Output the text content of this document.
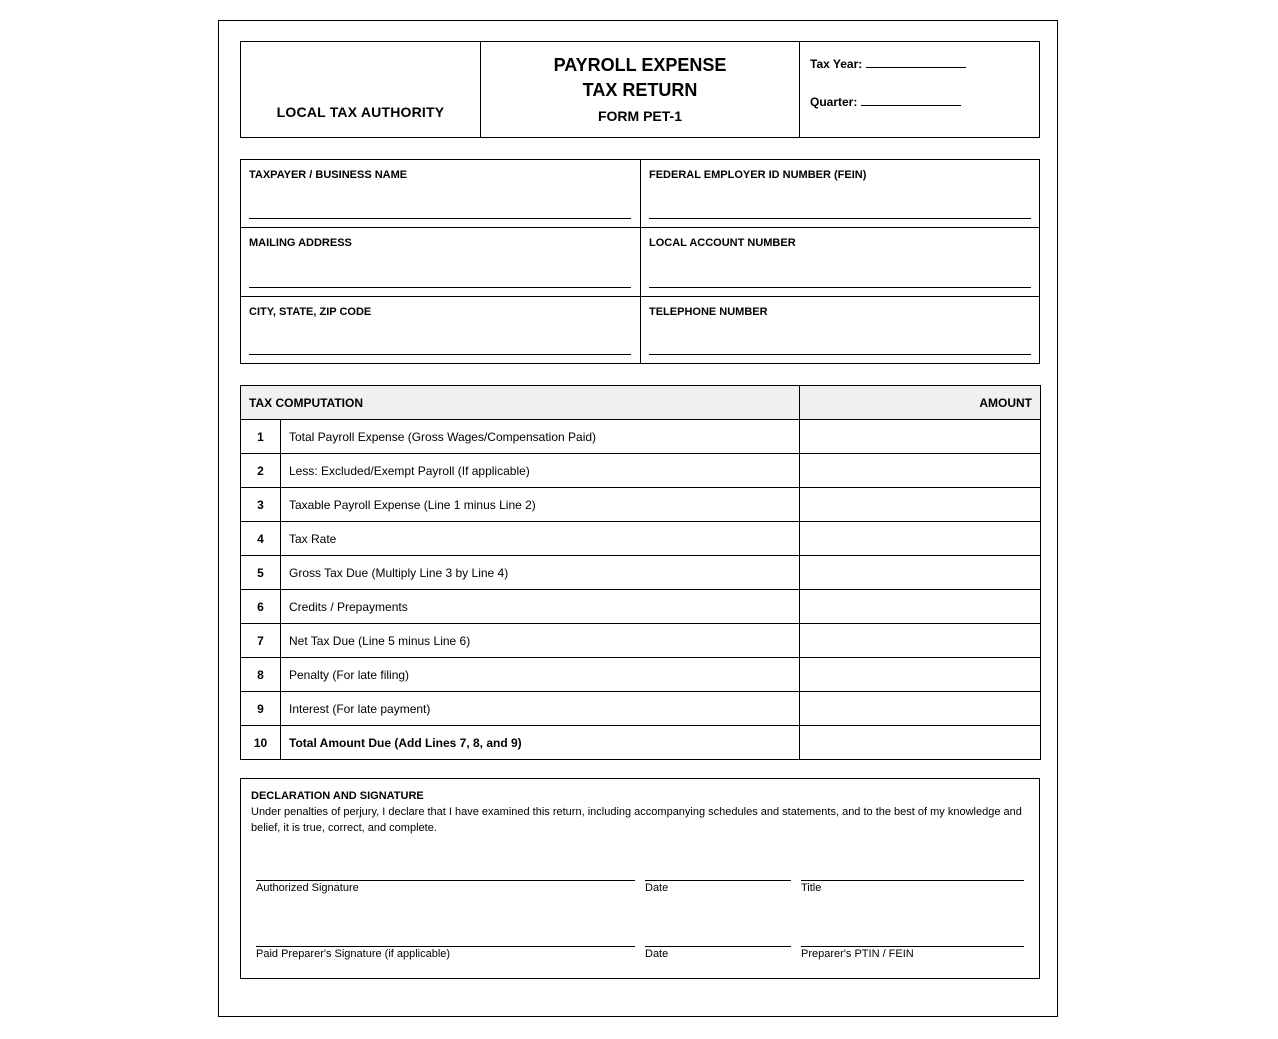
LOCAL TAX AUTHORITY
PAYROLL EXPENSE
TAX RETURN
FORM PET-1
Tax Year:
Quarter:
TAXPAYER / BUSINESS NAME	FEDERAL EMPLOYER ID NUMBER (FEIN)
MAILING ADDRESS	LOCAL ACCOUNT NUMBER
CITY, STATE, ZIP CODE	TELEPHONE NUMBER
TAX COMPUTATION		AMOUNT
1	Total Payroll Expense (Gross Wages/Compensation Paid)	
2	Less: Excluded/Exempt Payroll (If applicable)	
3	Taxable Payroll Expense (Line 1 minus Line 2)	
4	Tax Rate	
5	Gross Tax Due (Multiply Line 3 by Line 4)	
6	Credits / Prepayments	
7	Net Tax Due (Line 5 minus Line 6)	
8	Penalty (For late filing)	
9	Interest (For late payment)	
10	Total Amount Due (Add Lines 7, 8, and 9)	
DECLARATION AND SIGNATURE
Under penalties of perjury, I declare that I have examined this return, including accompanying schedules and statements, and to the best of my knowledge and belief, it is true, correct, and complete.
Authorized Signature	Date	Title
Paid Preparer's Signature (if applicable)	Date	Preparer's PTIN / FEIN
